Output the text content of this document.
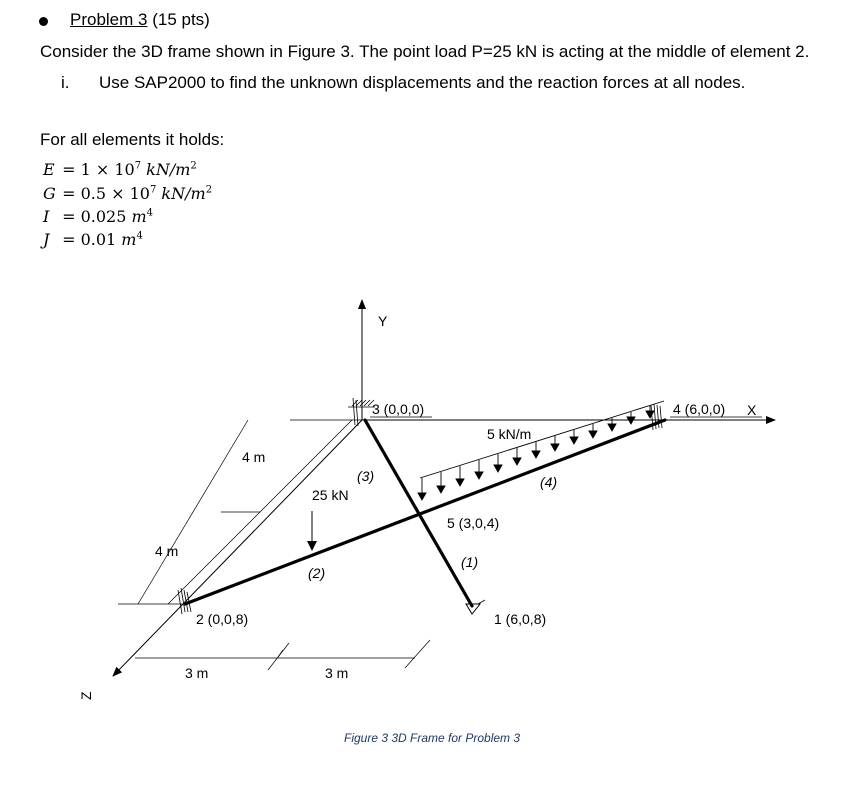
Problem 3 (15 pts)
Consider the 3D frame shown in Figure 3. The point load P=25 kN is acting at the middle of element 2.
i. Use SAP2000 to find the unknown displacements and the reaction forces at all nodes.
For all elements it holds:
$E = 1 \times 10^7$ $kN/m^2$
$G = 0.5 \times 10^7$ $kN/m^2$
I = 0.025 $m^4$
J = 0.01 $m^4$
Y
X
Z
3 (0,0,0)	4 (6,0,0)
5 (3,0,4)
2 (0,0,8)	1 (6,0,8)
(3)
(2)
(1)
(4)
25 kN
5 kN/m
4 m
4 m
3 m	3 m
Figure 3 3D Frame for Problem 3
